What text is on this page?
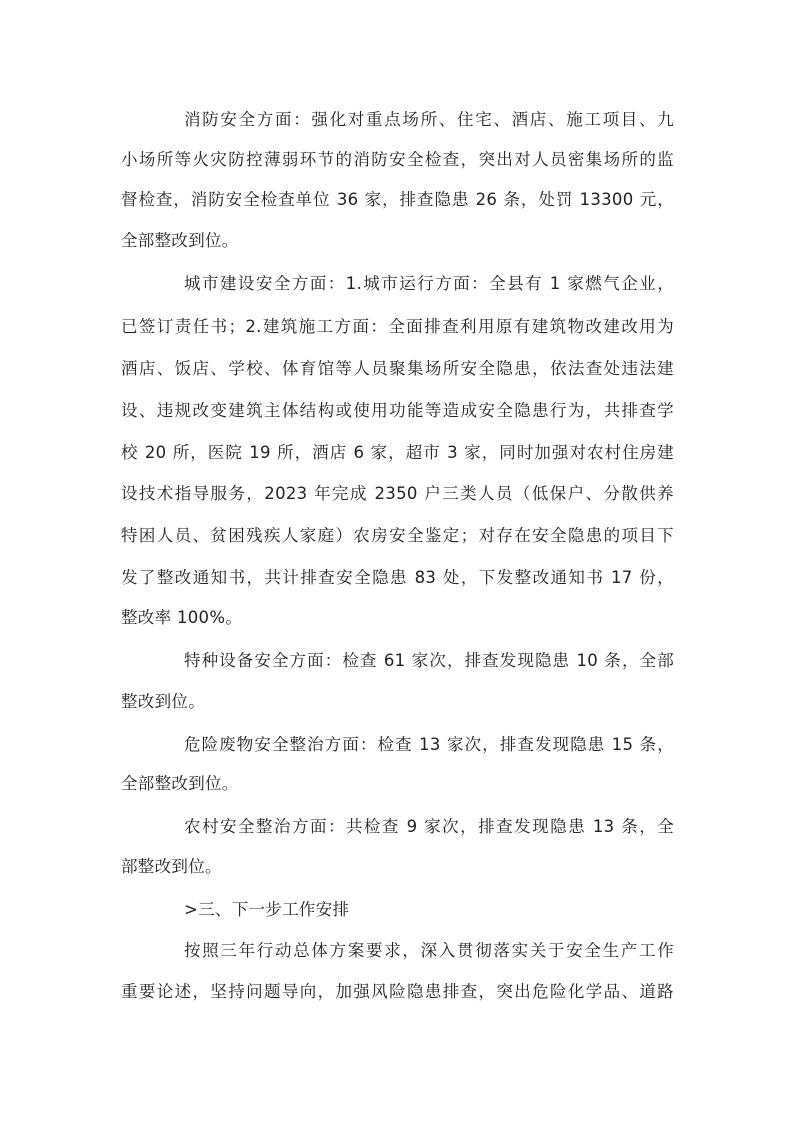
消防安全方面：强化对重点场所、住宅、酒店、施工项目、九

小场所等火灾防控薄弱环节的消防安全检查，突出对人员密集场所的监

督检查，消防安全检查单位 36 家，排查隐患 26 条，处罚 13300 元，

全部整改到位。

城市建设安全方面：1.城市运行方面：全县有 1 家燃气企业，

已签订责任书；2.建筑施工方面：全面排查利用原有建筑物改建改用为

酒店、饭店、学校、体育馆等人员聚集场所安全隐患，依法查处违法建

设、违规改变建筑主体结构或使用功能等造成安全隐患行为，共排查学

校 20 所，医院 19 所，酒店 6 家，超市 3 家，同时加强对农村住房建

设技术指导服务，2023 年完成 2350 户三类人员（低保户、分散供养

特困人员、贫困残疾人家庭）农房安全鉴定；对存在安全隐患的项目下

发了整改通知书，共计排查安全隐患 83 处，下发整改通知书 17 份，

整改率 100%。

特种设备安全方面：检查 61 家次，排查发现隐患 10 条，全部

整改到位。

危险废物安全整治方面：检查 13 家次，排查发现隐患 15 条，

全部整改到位。

农村安全整治方面：共检查 9 家次，排查发现隐患 13 条，全

部整改到位。

>三、下一步工作安排

按照三年行动总体方案要求，深入贯彻落实关于安全生产工作

重要论述，坚持问题导向，加强风险隐患排查，突出危险化学品、道路
